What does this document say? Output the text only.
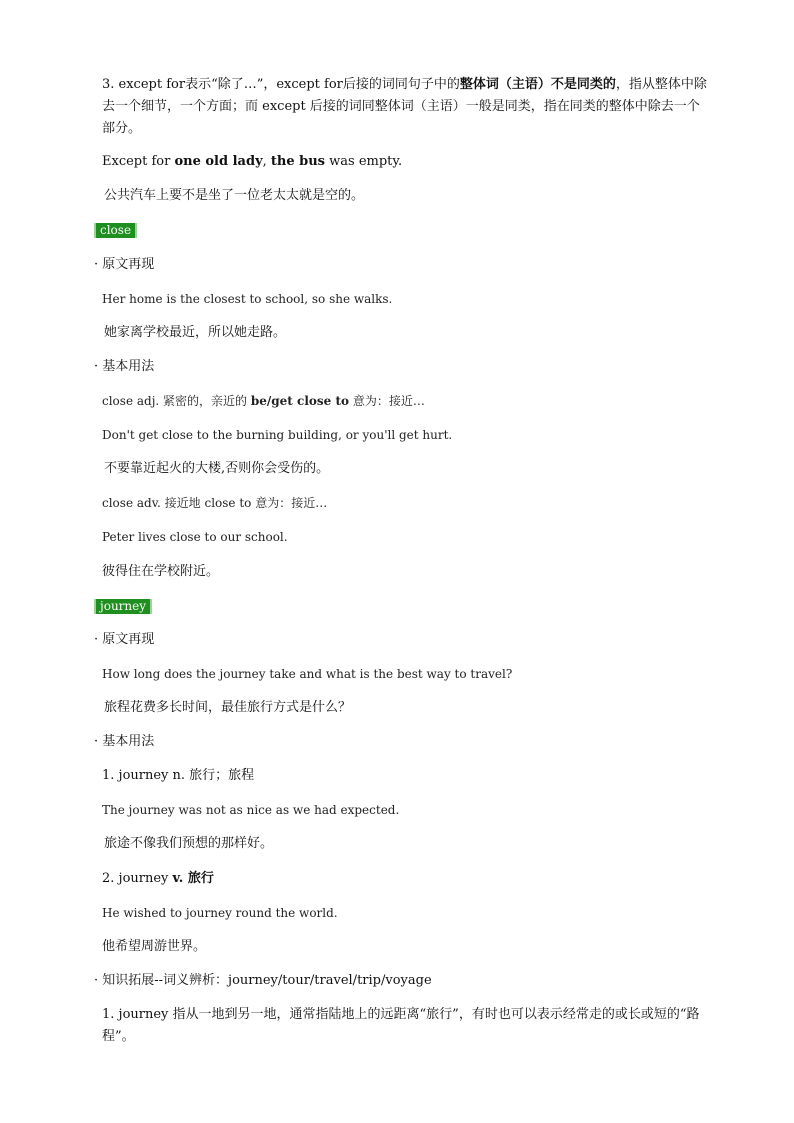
3. except for表示“除了…”，except for后接的词同句子中的整体词（主语）不是同类的，指从整体中除去一个细节，一个方面；而 except 后接的词同整体词（主语）一般是同类，指在同类的整体中除去一个部分。
Except for one old lady, the bus was empty.
公共汽车上要不是坐了一位老太太就是空的。
close
· 原文再现
Her home is the closest to school, so she walks.
她家离学校最近，所以她走路。
· 基本用法
close adj. 紧密的，亲近的 be/get close to 意为：接近…
Don't get close to the burning building, or you'll get hurt.
不要靠近起火的大楼,否则你会受伤的。
close adv. 接近地 close to 意为：接近…
Peter lives close to our school.
彼得住在学校附近。
journey
· 原文再现
How long does the journey take and what is the best way to travel?
旅程花费多长时间，最佳旅行方式是什么？
· 基本用法
1. journey n. 旅行；旅程
The journey was not as nice as we had expected.
旅途不像我们预想的那样好。
2. journey v. 旅行
He wished to journey round the world.
他希望周游世界。
· 知识拓展--词义辨析：journey/tour/travel/trip/voyage
1. journey 指从一地到另一地，通常指陆地上的远距离“旅行”，有时也可以表示经常走的或长或短的“路程”。
